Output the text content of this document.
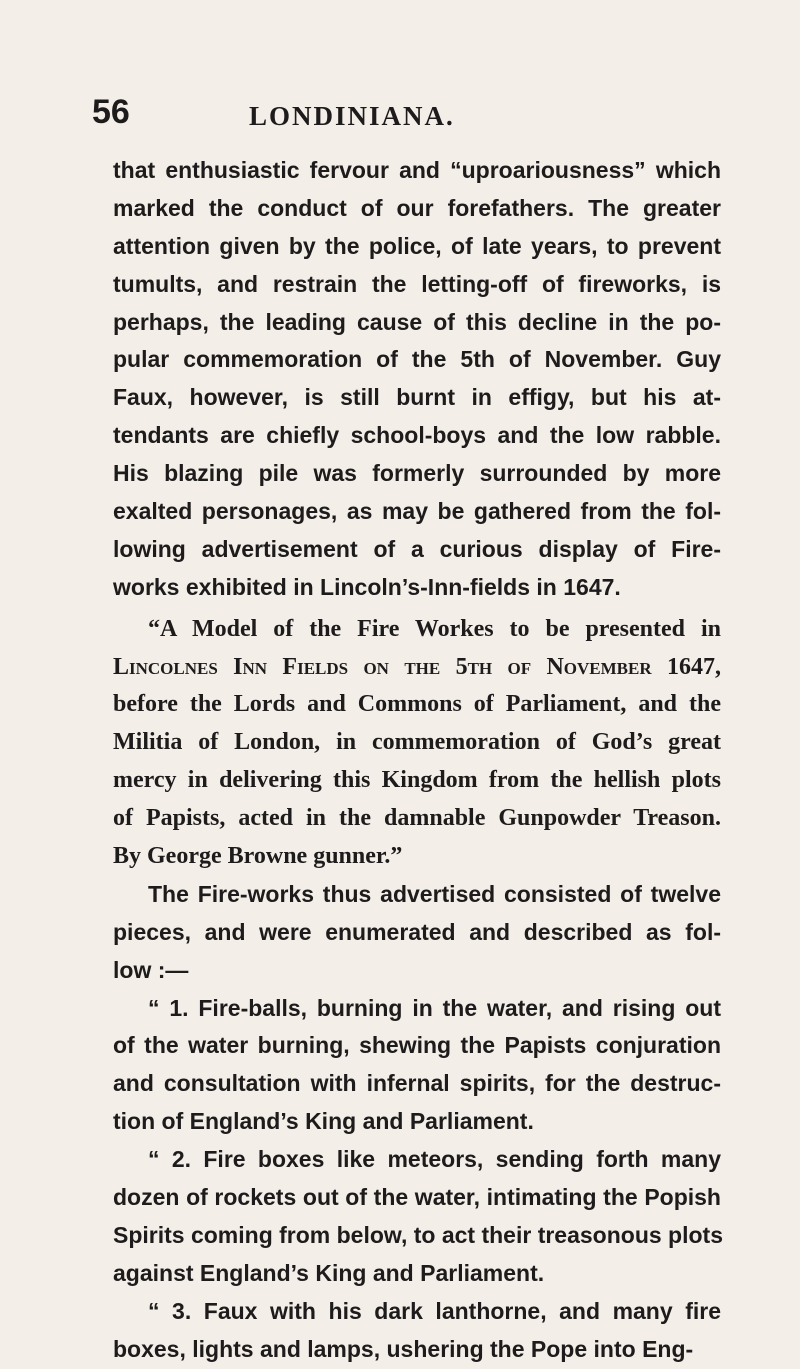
56	LONDINIANA.
that enthusiastic fervour and “uproariousness” which
marked the conduct of our forefathers. The greater
attention given by the police, of late years, to prevent
tumults, and restrain the letting-off of fireworks, is
perhaps, the leading cause of this decline in the po-
pular commemoration of the 5th of November. Guy
Faux, however, is still burnt in effigy, but his at-
tendants are chiefly school-boys and the low rabble.
His blazing pile was formerly surrounded by more
exalted personages, as may be gathered from the fol-
lowing advertisement of a curious display of Fire-
works exhibited in Lincoln’s-Inn-fields in 1647.
“A Model of the Fire Workes to be presented in
Lincolnes Inn Fields on the 5th of November 1647,
before the Lords and Commons of Parliament, and the
Militia of London, in commemoration of God’s great
mercy in delivering this Kingdom from the hellish plots
of Papists, acted in the damnable Gunpowder Treason.
By George Browne gunner.”
The Fire-works thus advertised consisted of twelve
pieces, and were enumerated and described as fol-
low :—
“ 1. Fire-balls, burning in the water, and rising out
of the water burning, shewing the Papists conjuration
and consultation with infernal spirits, for the destruc-
tion of England’s King and Parliament.
“ 2. Fire boxes like meteors, sending forth many
dozen of rockets out of the water, intimating the Popish
Spirits coming from below, to act their treasonous plots
against England’s King and Parliament.
“ 3. Faux with his dark lanthorne, and many fire
boxes, lights and lamps, ushering the Pope into Eng-
